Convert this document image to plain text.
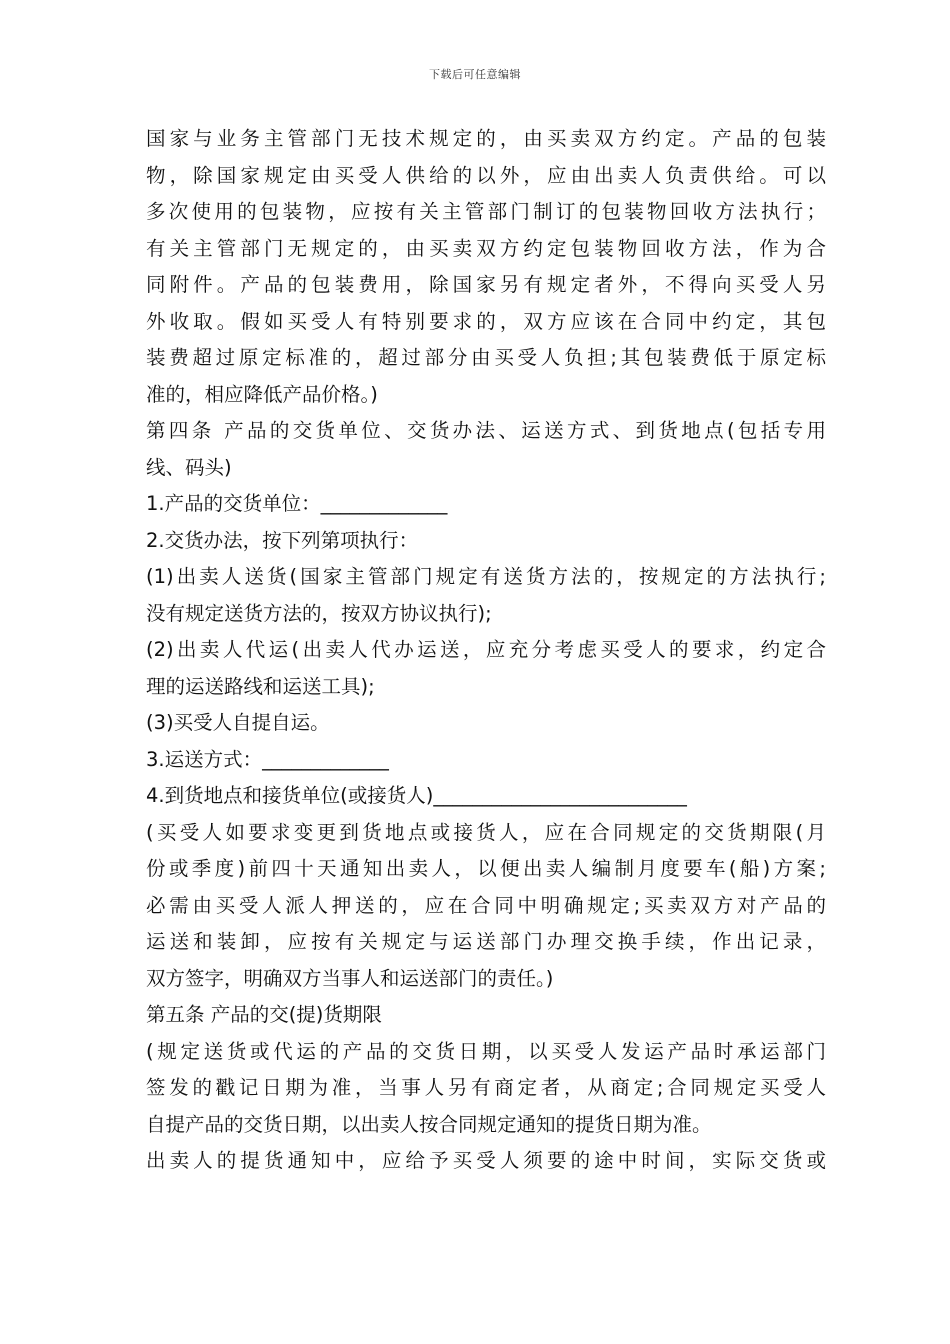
下载后可任意编辑
国家与业务主管部门无技术规定的，由买卖双方约定。产品的包装
物，除国家规定由买受人供给的以外，应由出卖人负责供给。可以
多次使用的包装物，应按有关主管部门制订的包装物回收方法执行；
有关主管部门无规定的，由买卖双方约定包装物回收方法，作为合
同附件。产品的包装费用，除国家另有规定者外，不得向买受人另
外收取。假如买受人有特别要求的，双方应该在合同中约定，其包
装费超过原定标准的，超过部分由买受人负担;其包装费低于原定标
准的，相应降低产品价格。)
第四条 产品的交货单位、交货办法、运送方式、到货地点(包括专用
线、码头)
1.产品的交货单位：_____________
2.交货办法，按下列第项执行：
(1)出卖人送货(国家主管部门规定有送货方法的，按规定的方法执行;
没有规定送货方法的，按双方协议执行);
(2)出卖人代运(出卖人代办运送，应充分考虑买受人的要求，约定合
理的运送路线和运送工具);
(3)买受人自提自运。
3.运送方式：_____________
4.到货地点和接货单位(或接货人)__________________________
(买受人如要求变更到货地点或接货人，应在合同规定的交货期限(月
份或季度)前四十天通知出卖人，以便出卖人编制月度要车(船)方案;
必需由买受人派人押送的，应在合同中明确规定;买卖双方对产品的
运送和装卸，应按有关规定与运送部门办理交换手续，作出记录，
双方签字，明确双方当事人和运送部门的责任。)
第五条 产品的交(提)货期限
(规定送货或代运的产品的交货日期，以买受人发运产品时承运部门
签发的戳记日期为准，当事人另有商定者，从商定;合同规定买受人
自提产品的交货日期，以出卖人按合同规定通知的提货日期为准。
出卖人的提货通知中，应给予买受人须要的途中时间，实际交货或
